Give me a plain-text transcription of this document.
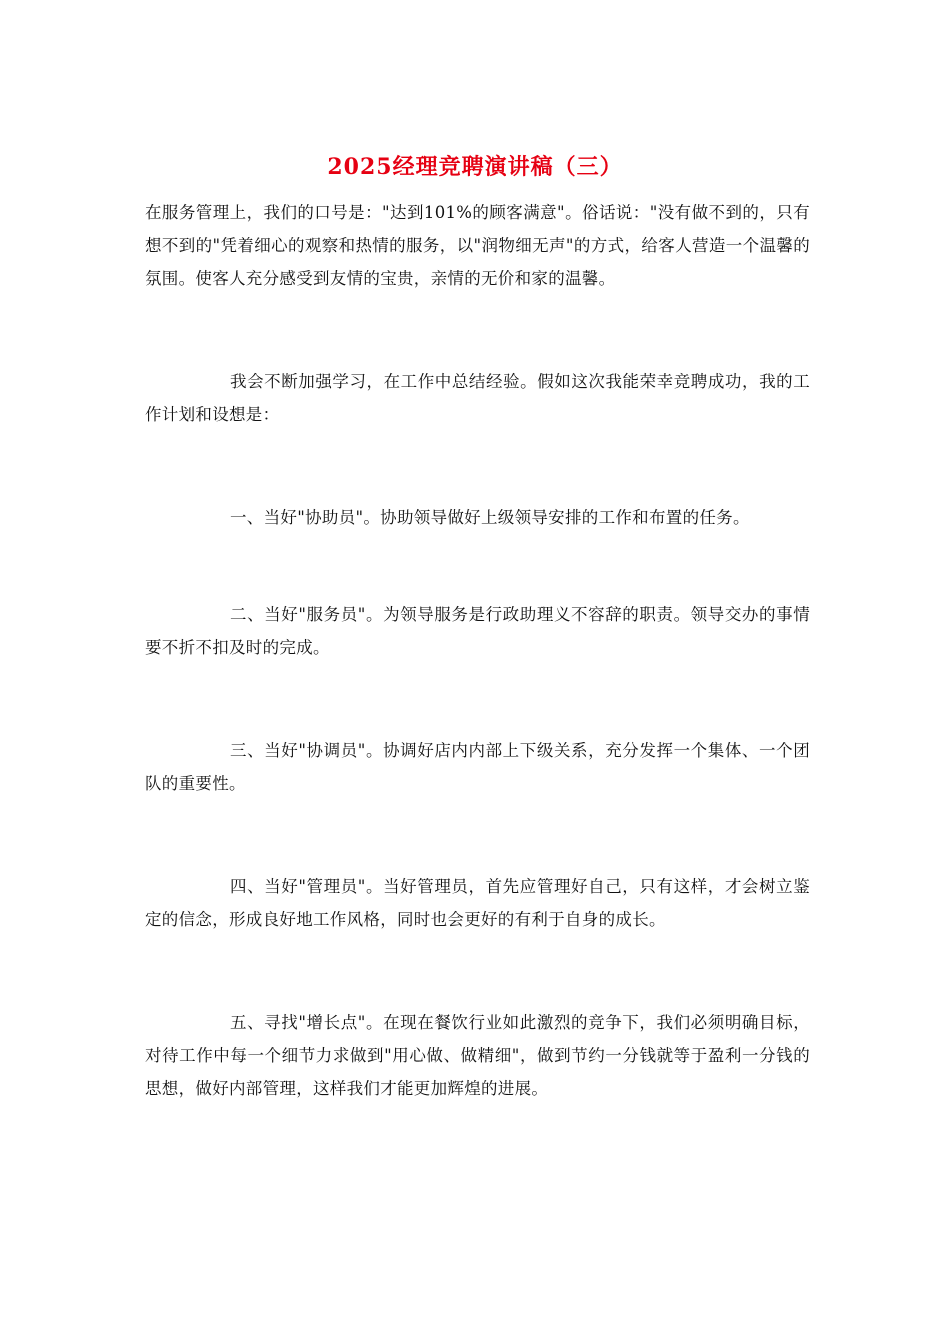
2025经理竞聘演讲稿（三）

在服务管理上，我们的口号是："达到101%的顾客满意"。俗话说："没有做不到的，只有想不到的"凭着细心的观察和热情的服务，以"润物细无声"的方式，给客人营造一个温馨的氛围。使客人充分感受到友情的宝贵，亲情的无价和家的温馨。

我会不断加强学习，在工作中总结经验。假如这次我能荣幸竞聘成功，我的工作计划和设想是：

一、当好"协助员"。协助领导做好上级领导安排的工作和布置的任务。

二、当好"服务员"。为领导服务是行政助理义不容辞的职责。领导交办的事情要不折不扣及时的完成。

三、当好"协调员"。协调好店内内部上下级关系，充分发挥一个集体、一个团队的重要性。

四、当好"管理员"。当好管理员，首先应管理好自己，只有这样，才会树立鉴定的信念，形成良好地工作风格，同时也会更好的有利于自身的成长。

五、寻找"增长点"。在现在餐饮行业如此激烈的竞争下，我们必须明确目标，对待工作中每一个细节力求做到"用心做、做精细"，做到节约一分钱就等于盈利一分钱的思想，做好内部管理，这样我们才能更加辉煌的进展。
